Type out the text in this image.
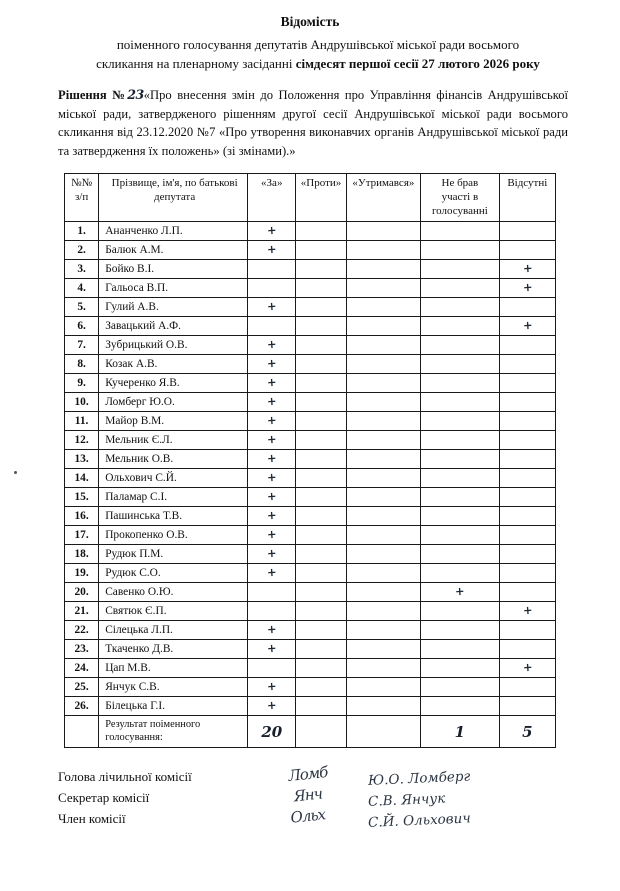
Відомість
поіменного голосування депутатів Андрушівської міської ради восьмого
скликання на пленарному засіданні сімдесят першої сесії 27 лютого 2026 року
Рішення №23«Про внесення змін до Положення про Управління фінансів Андрушівської міської ради, затвердженого рішенням другої сесії Андрушівської міської ради восьмого скликання від 23.12.2020 №7 «Про утворення виконавчих органів Андрушівської міської ради та затвердження їх положень» (зі змінами).»
№№
з/п
	Прізвище, ім'я, по батькові депутата	«За»	«Проти»	«Утримався»	Не брав
участі в
голосуванні
	Відсутні
1.	Ананченко Л.П.	+				
2.	Балюк А.М.	+				
3.	Бойко В.І.					+
4.	Гальоса В.П.					+
5.	Гулий А.В.	+				
6.	Завацький А.Ф.					+
7.	Зубрицький О.В.	+				
8.	Козак А.В.	+				
9.	Кучеренко Я.В.	+				
10.	Ломберг Ю.О.	+				
11.	Майор В.М.	+				
12.	Мельник Є.Л.	+				
13.	Мельник О.В.	+				
14.	Ольхович С.Й.	+				
15.	Паламар С.І.	+				
16.	Пашинська Т.В.	+				
17.	Прокопенко О.В.	+				
18.	Рудюк П.М.	+				
19.	Рудюк С.О.	+				
20.	Савенко О.Ю.				+	
21.	Святюк Є.П.					+
22.	Сілецька Л.П.	+				
23.	Ткаченко Д.В.	+				
24.	Цап М.В.					+
25.	Янчук С.В.	+				
26.	Білецька Г.І.	+				

	Результат поіменного
голосування:	20			1	5
Голова лічильної комісії	Ломб	Ю.О. Ломберг
Секретар комісії	Янч	С.В. Янчук
Член комісії	Ольх	С.Й. Ольхович
